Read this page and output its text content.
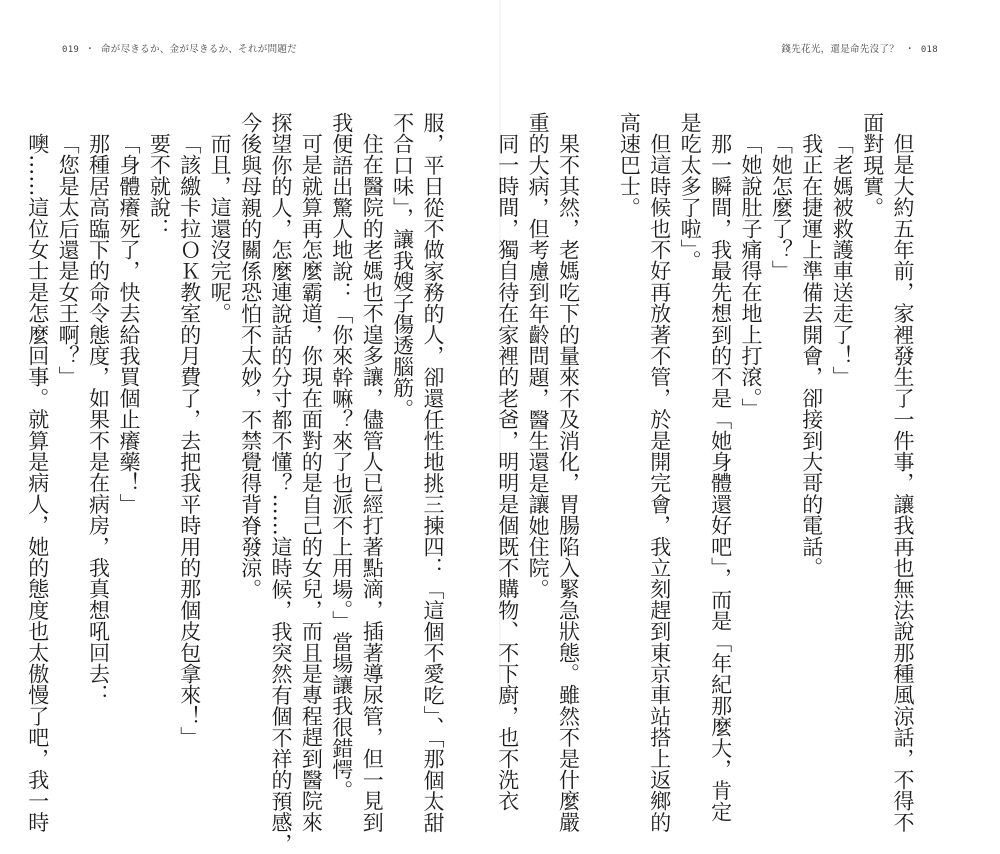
019 ・ 命が尽きるか、金が尽きるか、それが問題だ	錢先花光，還是命先沒了？ ・ 018
但是大約五年前，家裡發生了一件事，讓我再也無法說那種風涼話，不得不
面對現實。
「老媽被救護車送走了！」
我正在捷運上準備去開會，卻接到大哥的電話。
「她怎麼了？」
「她說肚子痛得在地上打滾。」
那一瞬間，我最先想到的不是「她身體還好吧」，而是「年紀那麼大，肯定
是吃太多了啦」。
但這時候也不好再放著不管，於是開完會，我立刻趕到東京車站搭上返鄉的
高速巴士。

果不其然，老媽吃下的量來不及消化，胃腸陷入緊急狀態。雖然不是什麼嚴
重的大病，但考慮到年齡問題，醫生還是讓她住院。
同一時間，獨自待在家裡的老爸，明明是個既不購物、不下廚，也不洗衣
服，平日從不做家務的人，卻還任性地挑三揀四：「這個不愛吃」、「那個太甜
不合口味」，讓我嫂子傷透腦筋。
住在醫院的老媽也不遑多讓，儘管人已經打著點滴，插著導尿管，但一見到
我便語出驚人地說：「你來幹嘛？來了也派不上用場。」當場讓我很錯愕。
可是就算再怎麼霸道，你現在面對的是自己的女兒，而且是專程趕到醫院來
探望你的人，怎麼連說話的分寸都不懂？……這時候，我突然有個不祥的預感，
今後與母親的關係恐怕不太妙，不禁覺得背脊發涼。
而且，這還沒完呢。
「該繳卡拉ＯＫ教室的月費了，去把我平時用的那個皮包拿來！」
要不就說：
「身體癢死了，快去給我買個止癢藥！」
那種居高臨下的命令態度，如果不是在病房，我真想吼回去：
「您是太后還是女王啊？」
噢……這位女士是怎麼回事。就算是病人，她的態度也太傲慢了吧，我一時
